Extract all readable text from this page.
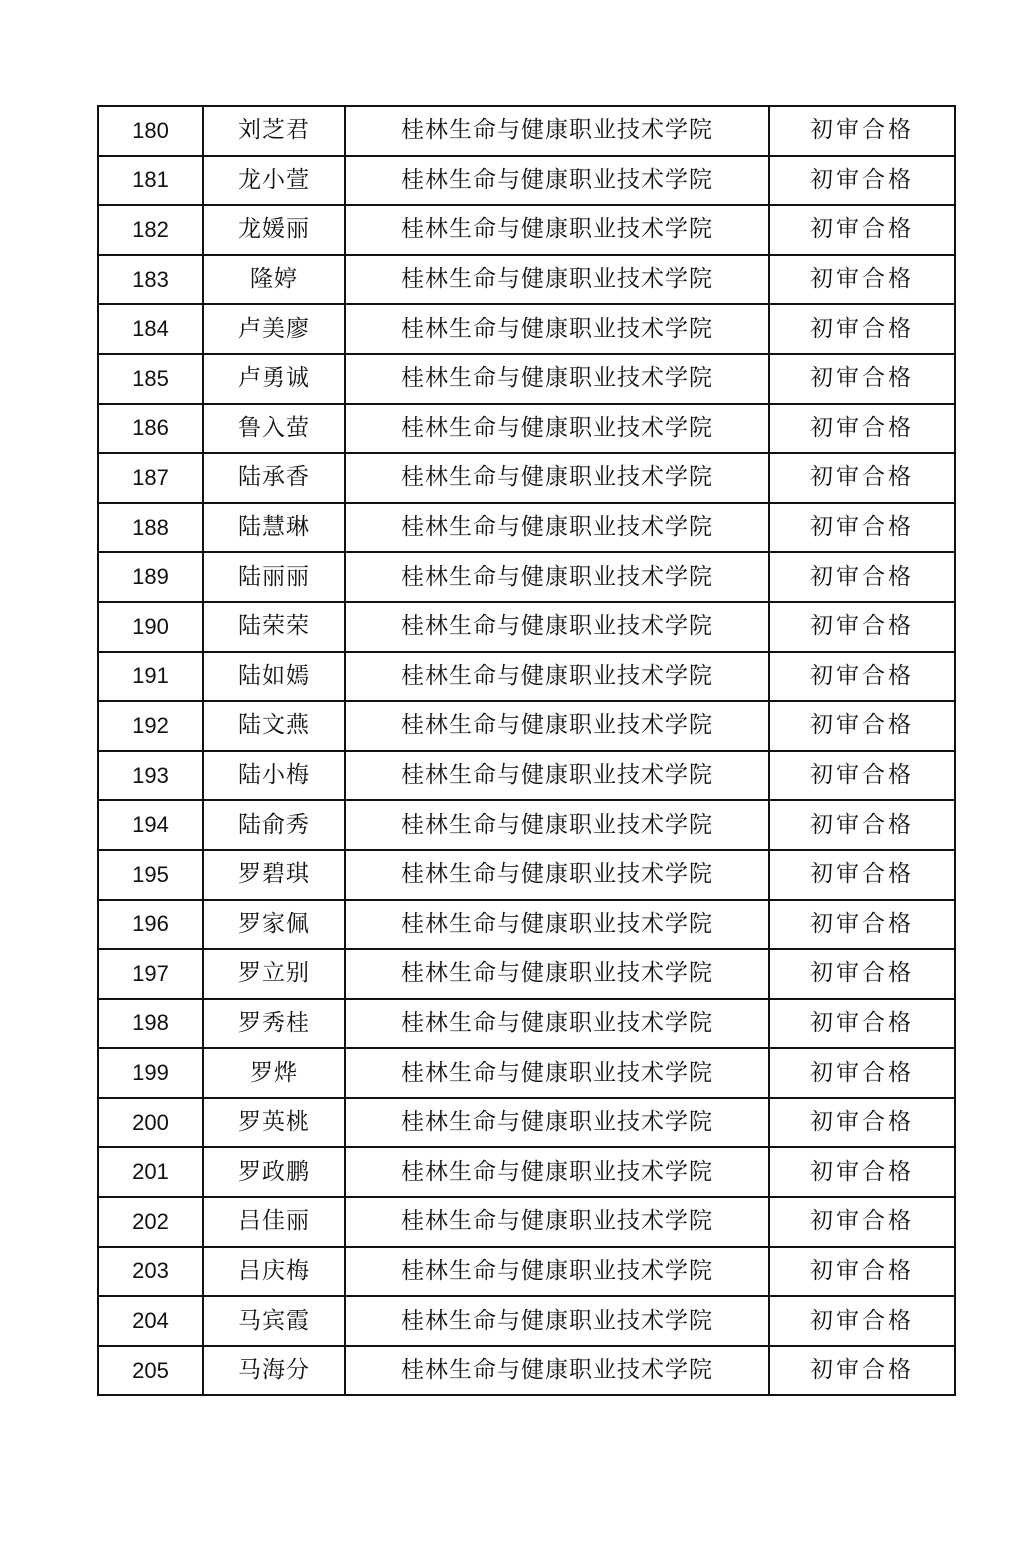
180	刘芝君	桂林生命与健康职业技术学院	初审合格
181	龙小萱	桂林生命与健康职业技术学院	初审合格
182	龙媛丽	桂林生命与健康职业技术学院	初审合格
183	隆婷	桂林生命与健康职业技术学院	初审合格
184	卢美廖	桂林生命与健康职业技术学院	初审合格
185	卢勇诚	桂林生命与健康职业技术学院	初审合格
186	鲁入萤	桂林生命与健康职业技术学院	初审合格
187	陆承香	桂林生命与健康职业技术学院	初审合格
188	陆慧琳	桂林生命与健康职业技术学院	初审合格
189	陆丽丽	桂林生命与健康职业技术学院	初审合格
190	陆荣荣	桂林生命与健康职业技术学院	初审合格
191	陆如嫣	桂林生命与健康职业技术学院	初审合格
192	陆文燕	桂林生命与健康职业技术学院	初审合格
193	陆小梅	桂林生命与健康职业技术学院	初审合格
194	陆俞秀	桂林生命与健康职业技术学院	初审合格
195	罗碧琪	桂林生命与健康职业技术学院	初审合格
196	罗家佩	桂林生命与健康职业技术学院	初审合格
197	罗立别	桂林生命与健康职业技术学院	初审合格
198	罗秀桂	桂林生命与健康职业技术学院	初审合格
199	罗烨	桂林生命与健康职业技术学院	初审合格
200	罗英桃	桂林生命与健康职业技术学院	初审合格
201	罗政鹏	桂林生命与健康职业技术学院	初审合格
202	吕佳丽	桂林生命与健康职业技术学院	初审合格
203	吕庆梅	桂林生命与健康职业技术学院	初审合格
204	马宾霞	桂林生命与健康职业技术学院	初审合格
205	马海分	桂林生命与健康职业技术学院	初审合格
